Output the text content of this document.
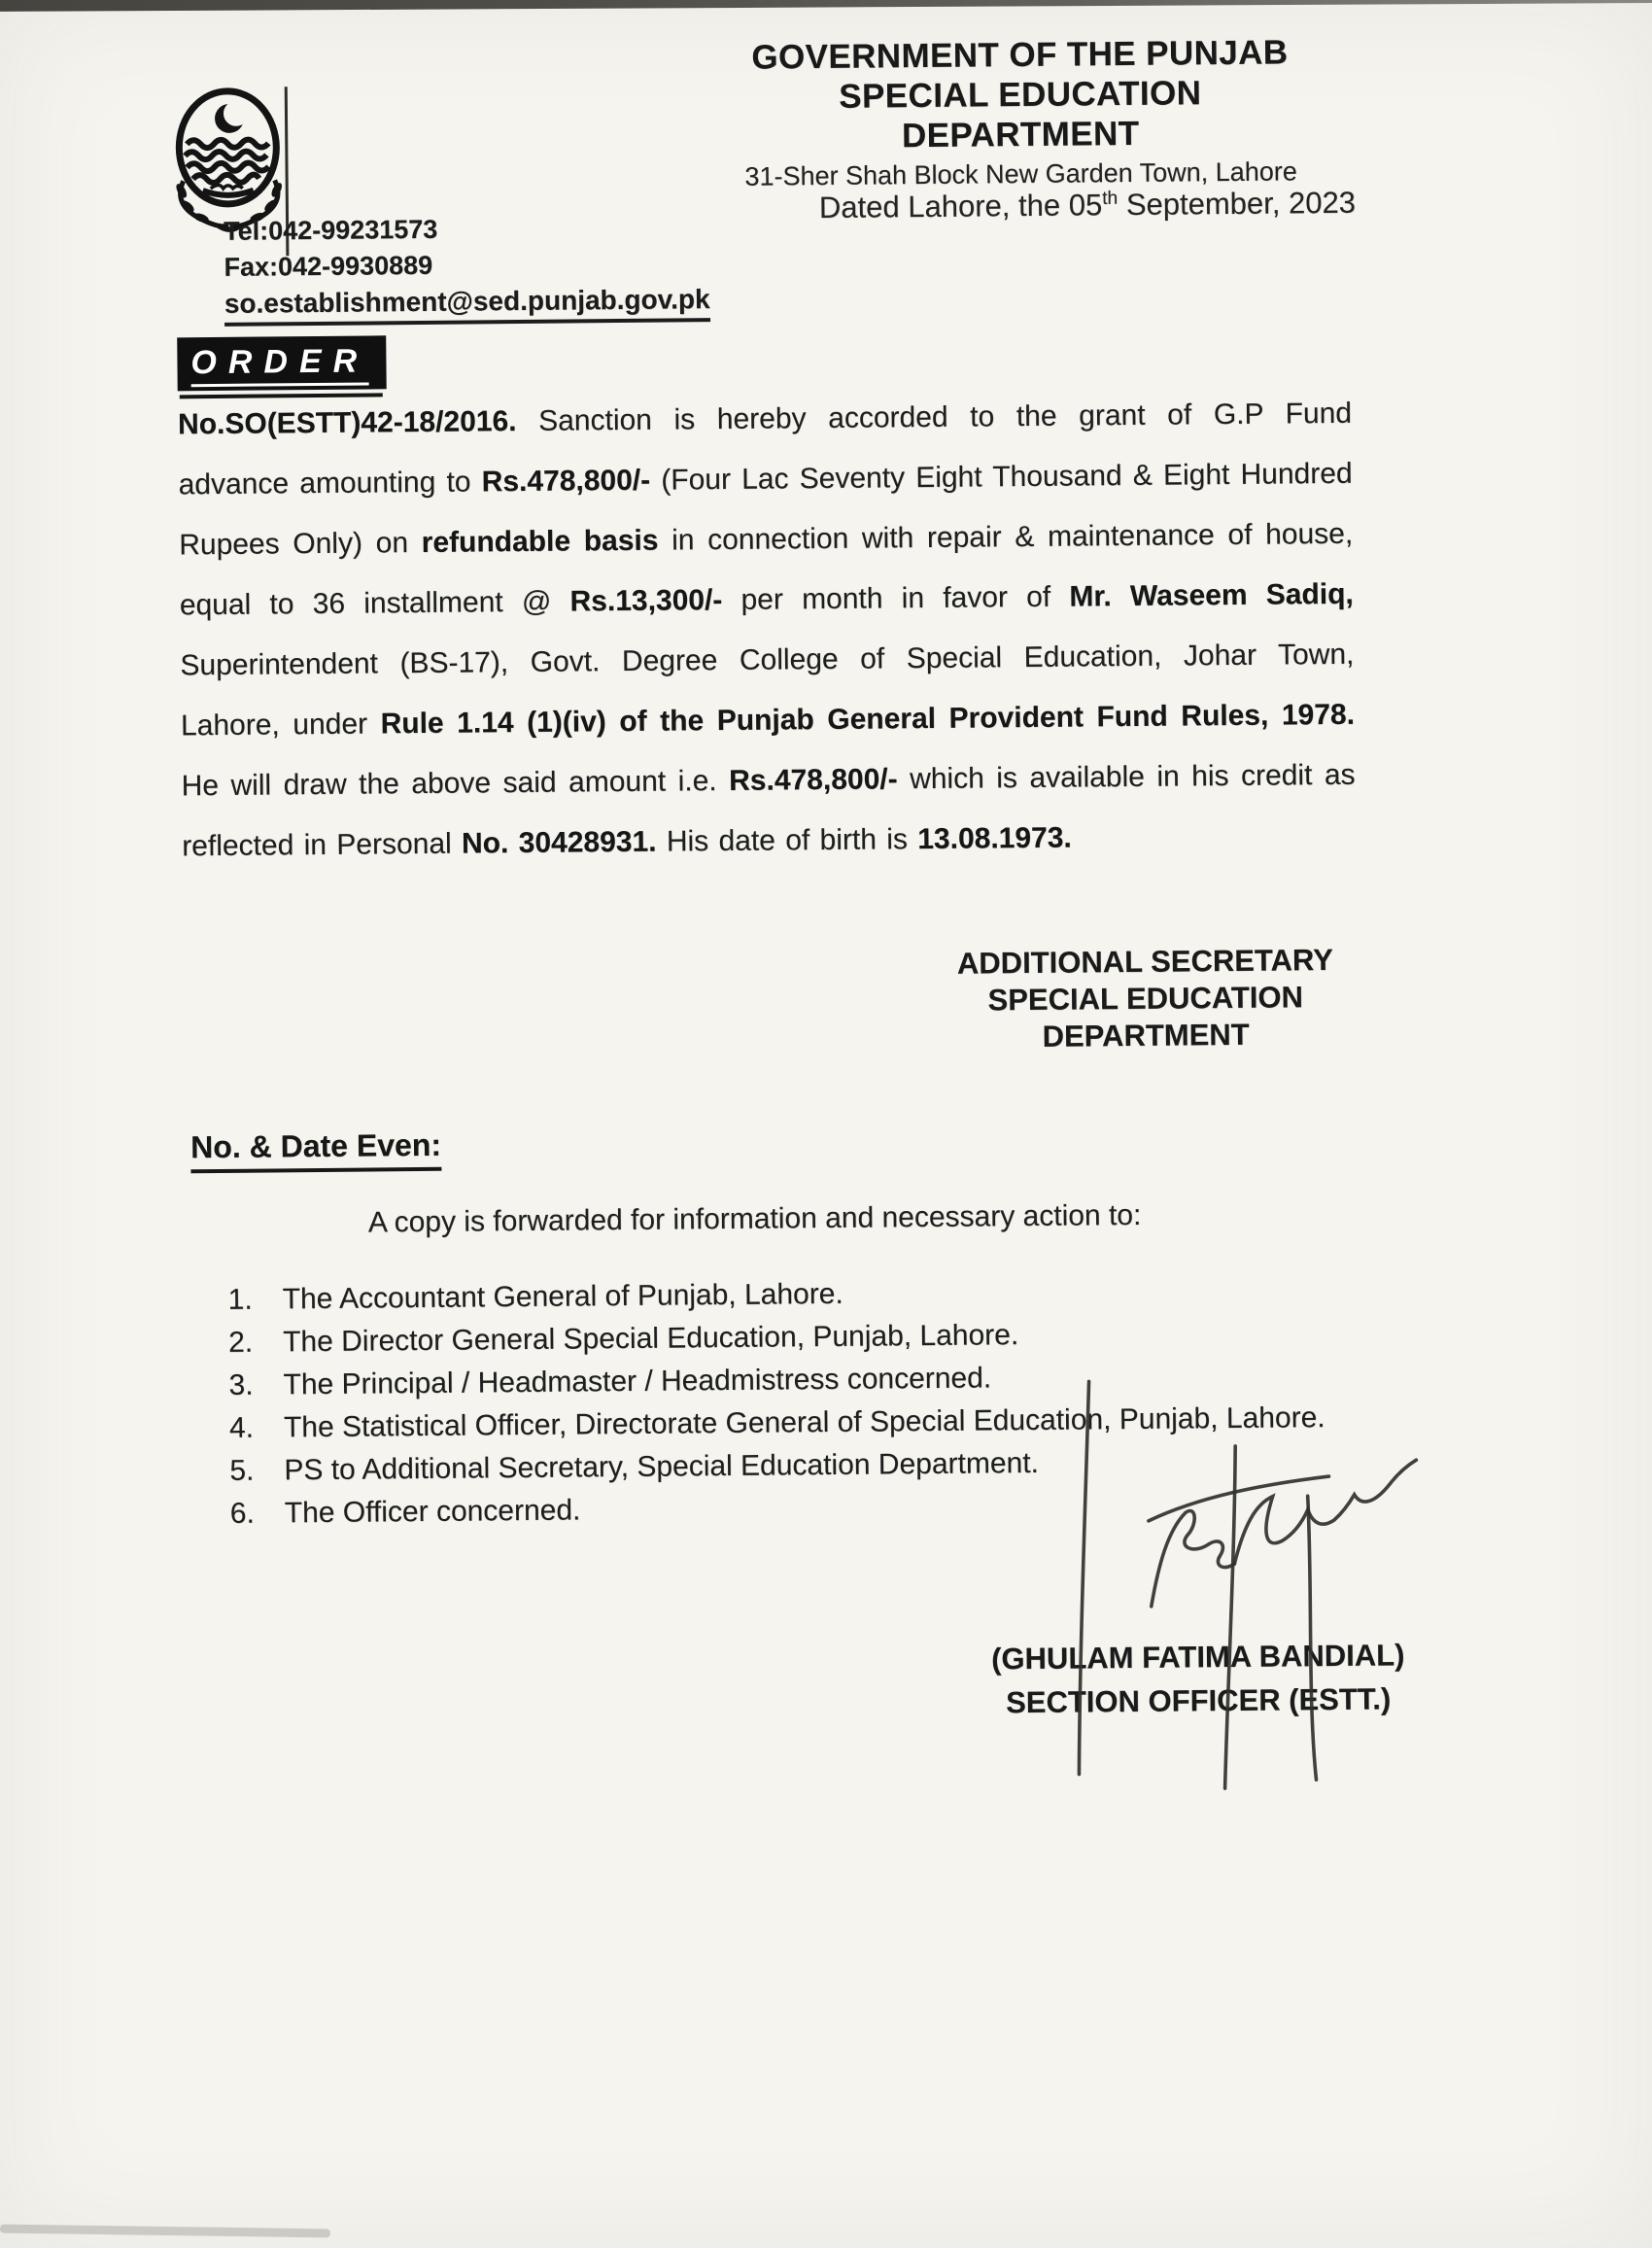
GOVERNMENT OF THE PUNJAB
SPECIAL EDUCATION DEPARTMENT
31-Sher Shah Block New Garden Town, Lahore
Dated Lahore, the 05th September, 2023
Tel:042-99231573
Fax:042-9930889
so.establishment@sed.punjab.gov.pk
ORDER
No.SO(ESTT)42-18/2016. Sanction is hereby accorded to the grant of G.P Fund advance amounting to Rs.478,800/- (Four Lac Seventy Eight Thousand & Eight Hundred Rupees Only) on refundable basis in connection with repair & maintenance of house, equal to 36 installment @ Rs.13,300/- per month in favor of Mr. Waseem Sadiq, Superintendent (BS-17), Govt. Degree College of Special Education, Johar Town, Lahore, under Rule 1.14 (1)(iv) of the Punjab General Provident Fund Rules, 1978. He will draw the above said amount i.e. Rs.478,800/- which is available in his credit as reflected in Personal No. 30428931. His date of birth is 13.08.1973.
ADDITIONAL SECRETARY
SPECIAL EDUCATION
DEPARTMENT
No. & Date Even:
A copy is forwarded for information and necessary action to:
1.	The Accountant General of Punjab, Lahore.
2.	The Director General Special Education, Punjab, Lahore.
3.	The Principal / Headmaster / Headmistress concerned.
4.	The Statistical Officer, Directorate General of Special Education, Punjab, Lahore.
5.	PS to Additional Secretary, Special Education Department.
6.	The Officer concerned.
(GHULAM FATIMA BANDIAL)
SECTION OFFICER (ESTT.)
